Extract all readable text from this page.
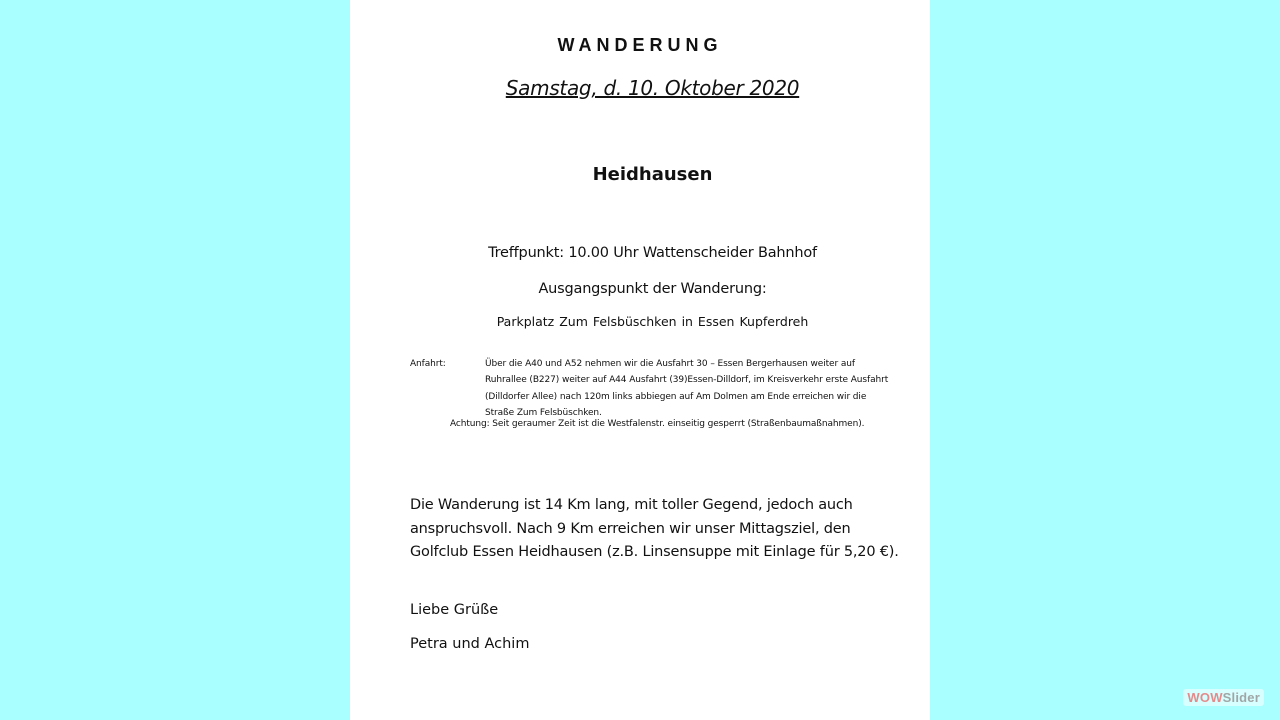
WANDERUNG
Samstag, d. 10. Oktober 2020
Heidhausen
Treffpunkt: 10.00 Uhr Wattenscheider Bahnhof
Ausgangspunkt der Wanderung:
Parkplatz Zum Felsbüschken in Essen Kupferdreh
Anfahrt:	Über die A40 und A52 nehmen wir die Ausfahrt 30 – Essen Bergerhausen weiter auf Ruhrallee (B227) weiter auf A44 Ausfahrt (39)Essen-Dilldorf, im Kreisverkehr erste Ausfahrt (Dilldorfer Allee) nach 120m links abbiegen auf Am Dolmen am Ende erreichen wir die Straße Zum Felsbüschken.
Achtung: Seit geraumer Zeit ist die Westfalenstr. einseitig gesperrt (Straßenbaumaßnahmen).
Die Wanderung ist 14 Km lang, mit toller Gegend, jedoch auch anspruchsvoll. Nach 9 Km erreichen wir unser Mittagsziel, den Golfclub Essen Heidhausen (z.B. Linsensuppe mit Einlage für 5,20 €).
Liebe Grüße
Petra und Achim
WOWSlider
